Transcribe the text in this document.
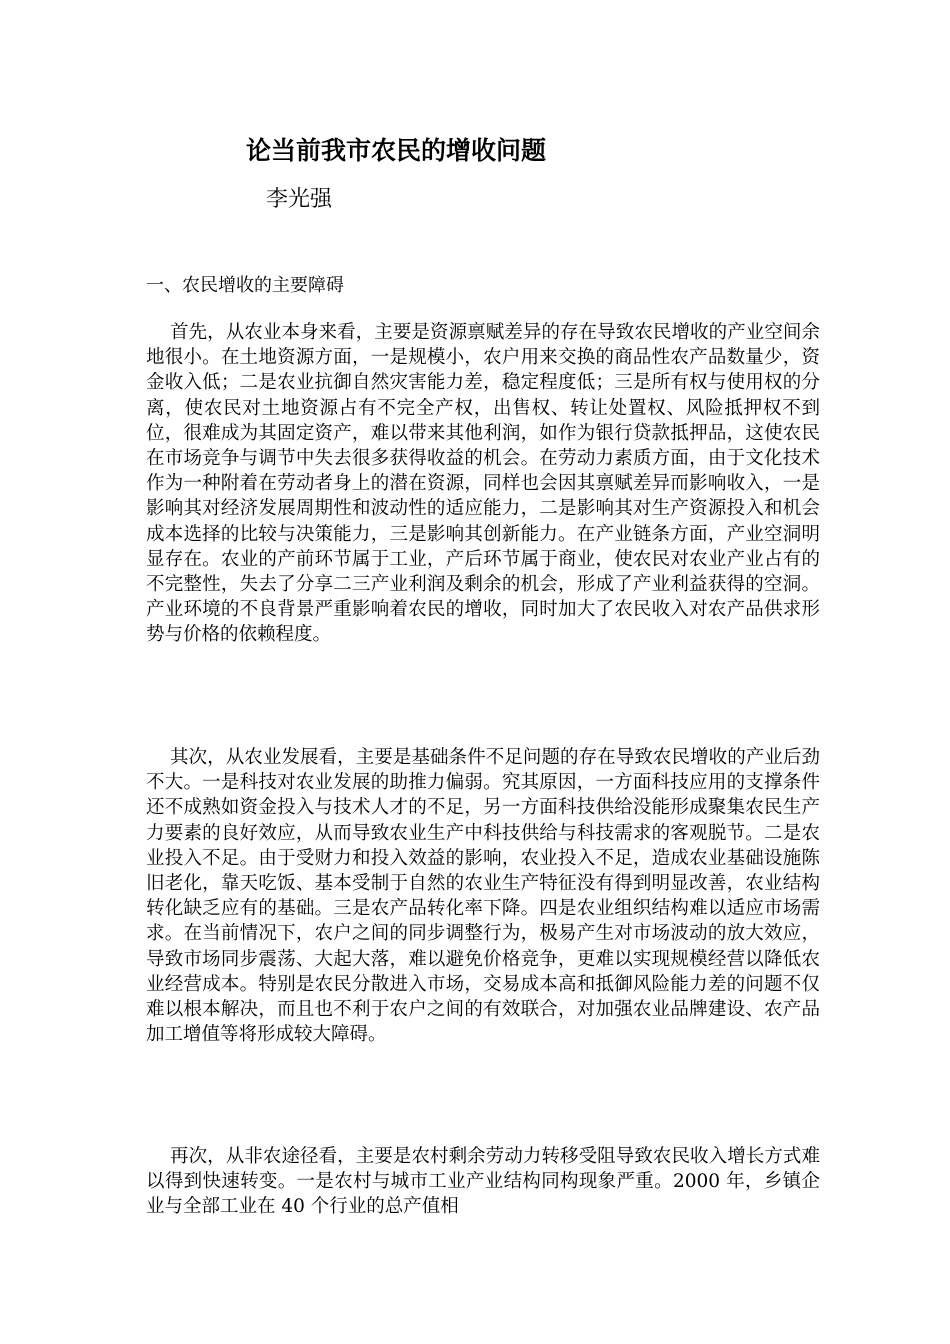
论当前我市农民的增收问题
李光强
一、农民增收的主要障碍

首先，从农业本身来看，主要是资源禀赋差异的存在导致农民增收的产业空间余地很小。在土地资源方面，一是规模小，农户用来交换的商品性农产品数量少，资金收入低；二是农业抗御自然灾害能力差，稳定程度低；三是所有权与使用权的分离，使农民对土地资源占有不完全产权，出售权、转让处置权、风险抵押权不到位，很难成为其固定资产，难以带来其他利润，如作为银行贷款抵押品，这使农民在市场竞争与调节中失去很多获得收益的机会。在劳动力素质方面，由于文化技术作为一种附着在劳动者身上的潜在资源，同样也会因其禀赋差异而影响收入，一是影响其对经济发展周期性和波动性的适应能力，二是影响其对生产资源投入和机会成本选择的比较与决策能力，三是影响其创新能力。在产业链条方面，产业空洞明显存在。农业的产前环节属于工业，产后环节属于商业，使农民对农业产业占有的不完整性，失去了分享二三产业利润及剩余的机会，形成了产业利益获得的空洞。产业环境的不良背景严重影响着农民的增收，同时加大了农民收入对农产品供求形势与价格的依赖程度。

其次，从农业发展看，主要是基础条件不足问题的存在导致农民增收的产业后劲不大。一是科技对农业发展的助推力偏弱。究其原因，一方面科技应用的支撑条件还不成熟如资金投入与技术人才的不足，另一方面科技供给没能形成聚集农民生产力要素的良好效应，从而导致农业生产中科技供给与科技需求的客观脱节。二是农业投入不足。由于受财力和投入效益的影响，农业投入不足，造成农业基础设施陈旧老化，靠天吃饭、基本受制于自然的农业生产特征没有得到明显改善，农业结构转化缺乏应有的基础。三是农产品转化率下降。四是农业组织结构难以适应市场需求。在当前情况下，农户之间的同步调整行为，极易产生对市场波动的放大效应，导致市场同步震荡、大起大落，难以避免价格竞争，更难以实现规模经营以降低农业经营成本。特别是农民分散进入市场，交易成本高和抵御风险能力差的问题不仅难以根本解决，而且也不利于农户之间的有效联合，对加强农业品牌建设、农产品加工增值等将形成较大障碍。

再次，从非农途径看，主要是农村剩余劳动力转移受阻导致农民收入增长方式难以得到快速转变。一是农村与城市工业产业结构同构现象严重。2000 年，乡镇企业与全部工业在 40 个行业的总产值相
